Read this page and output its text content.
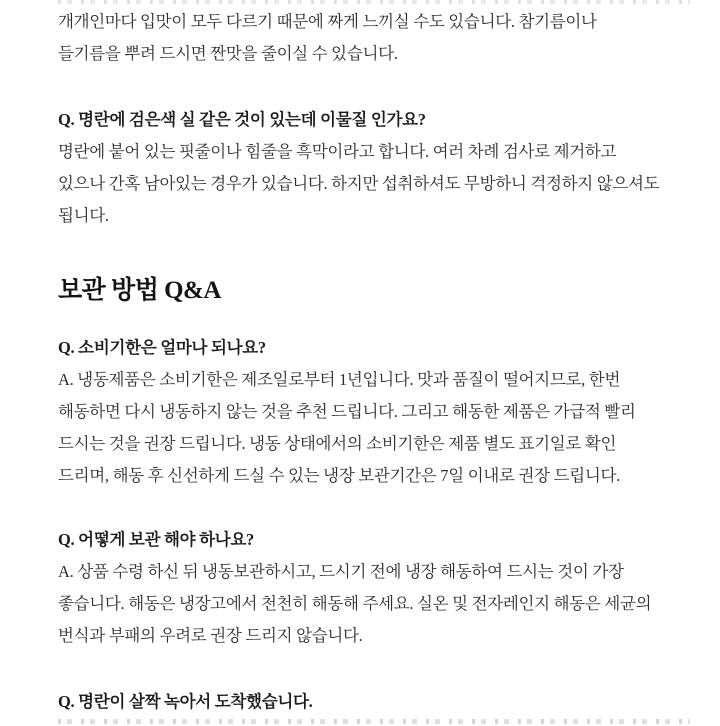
개개인마다 입맛이 모두 다르기 때문에 짜게 느끼실 수도 있습니다. 참기름이나

들기름을 뿌려 드시면 짠맛을 줄이실 수 있습니다.

Q. 명란에 검은색 실 같은 것이 있는데 이물질 인가요?

명란에 붙어 있는 핏줄이나 힘줄을 흑막이라고 합니다. 여러 차례 검사로 제거하고

있으나 간혹 남아있는 경우가 있습니다. 하지만 섭취하셔도 무방하니 걱정하지 않으셔도

됩니다.

보관 방법 Q&A

Q. 소비기한은 얼마나 되나요?

A. 냉동제품은 소비기한은 제조일로부터 1년입니다. 맛과 품질이 떨어지므로, 한번

해동하면 다시 냉동하지 않는 것을 추천 드립니다. 그리고 해동한 제품은 가급적 빨리

드시는 것을 권장 드립니다. 냉동 상태에서의 소비기한은 제품 별도 표기일로 확인

드리며, 해동 후 신선하게 드실 수 있는 냉장 보관기간은 7일 이내로 권장 드립니다.

Q. 어떻게 보관 해야 하나요?

A. 상품 수령 하신 뒤 냉동보관하시고, 드시기 전에 냉장 해동하여 드시는 것이 가장

좋습니다. 해동은 냉장고에서 천천히 해동해 주세요. 실온 및 전자레인지 해동은 세균의

번식과 부패의 우려로 권장 드리지 않습니다.

Q. 명란이 살짝 녹아서 도착했습니다.
